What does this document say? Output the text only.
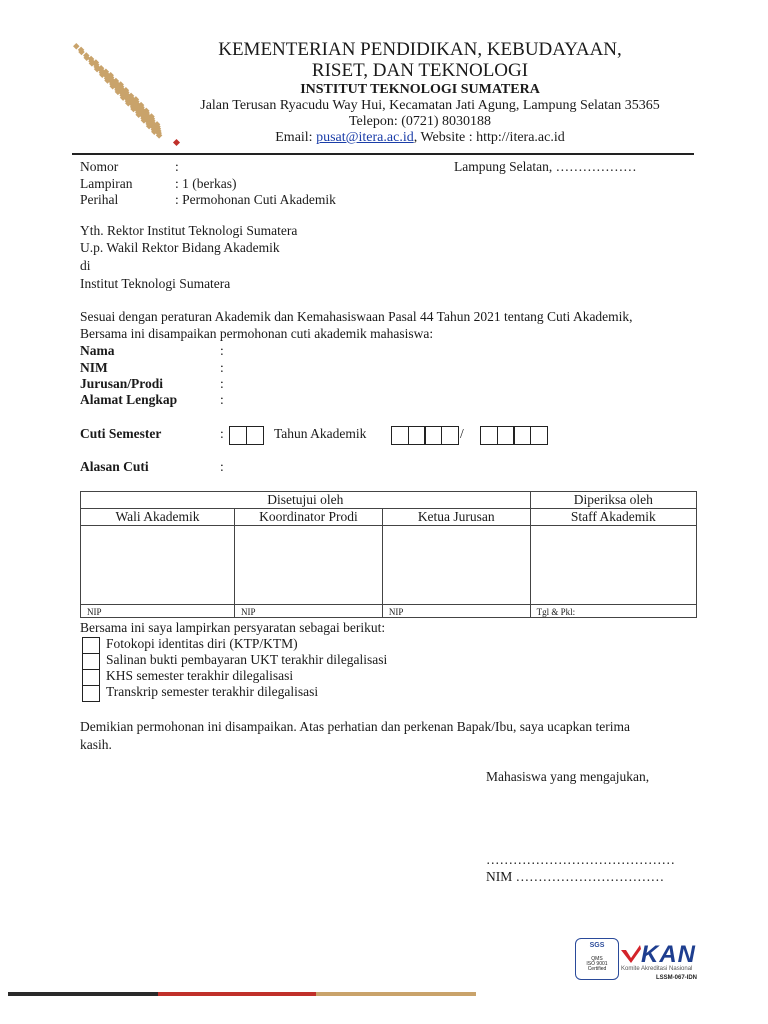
KEMENTERIAN PENDIDIKAN, KEBUDAYAAN,
RISET, DAN TEKNOLOGI
INSTITUT TEKNOLOGI SUMATERA
Jalan Terusan Ryacudu Way Hui, Kecamatan Jati Agung, Lampung Selatan 35365
Telepon: (0721) 8030188
Email: pusat@itera.ac.id, Website : http://itera.ac.id
Nomor	:	Lampung Selatan, ………………
Lampiran	: 1 (berkas)
Perihal	: Permohonan Cuti Akademik
Yth. Rektor Institut Teknologi Sumatera
U.p. Wakil Rektor Bidang Akademik
di
Institut Teknologi Sumatera
Sesuai dengan peraturan Akademik dan Kemahasiswaan Pasal 44 Tahun 2021 tentang Cuti Akademik,
Bersama ini disampaikan permohonan cuti akademik mahasiswa:
Nama	:
NIM	:
Jurusan/Prodi	:
Alamat Lengkap	:
Cuti Semester	:	Tahun Akademik	/
Alasan Cuti	:
Disetujui oleh			Diperiksa oleh
Wali Akademik	Koordinator Prodi	Ketua Jurusan	Staff Akademik

NIP	NIP	NIP	Tgl & Pkl:
Bersama ini saya lampirkan persyaratan sebagai berikut:
Fotokopi identitas diri (KTP/KTM)
Salinan bukti pembayaran UKT terakhir dilegalisasi
KHS semester terakhir dilegalisasi
Transkrip semester terakhir dilegalisasi
Demikian permohonan ini disampaikan. Atas perhatian dan perkenan Bapak/Ibu, saya ucapkan terima
kasih.
Mahasiswa yang mengajukan,
……………………………………
NIM ……………………………
SGS
QMS
ISO 9001
Certified
KAN
Komite Akreditasi Nasional
LSSM-067-IDN
